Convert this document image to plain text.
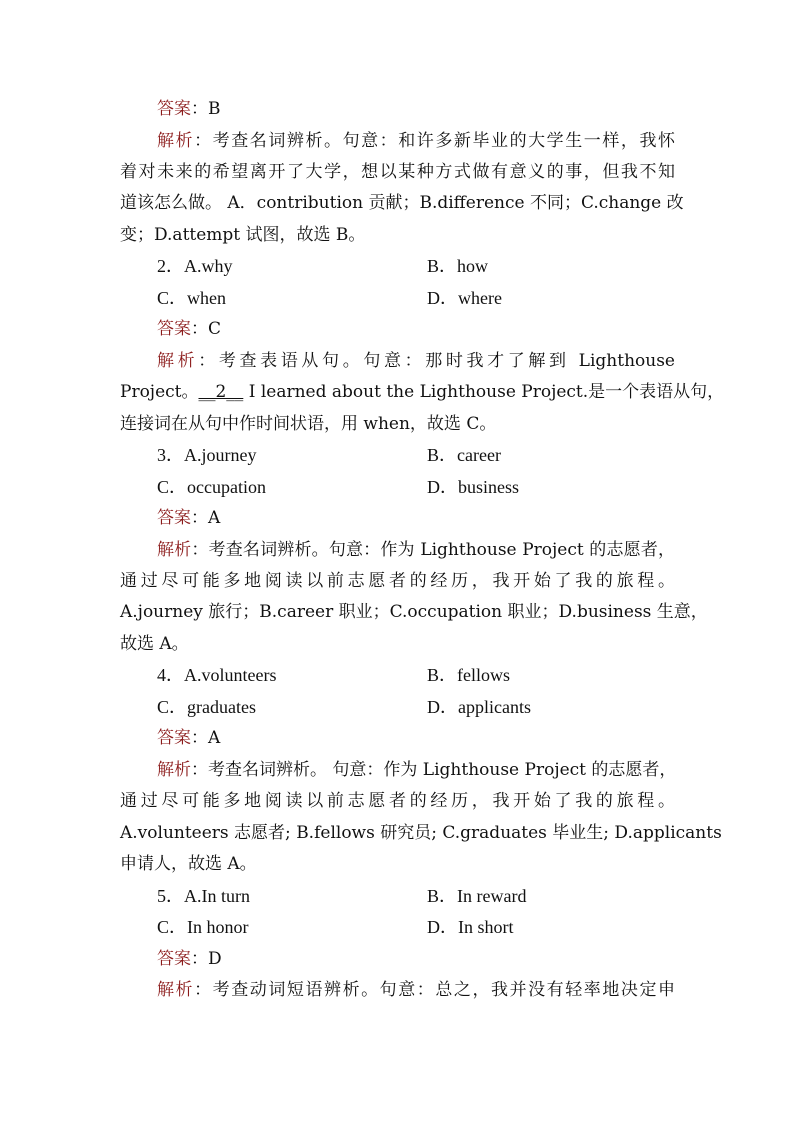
答案：B
解析：考查名词辨析。句意：和许多新毕业的大学生一样，我怀
着对未来的希望离开了大学，想以某种方式做有意义的事，但我不知
道该怎么做。 A．contribution 贡献；B.difference 不同；C.change 改
变；D.attempt 试图，故选 B。
2．A.why	B．how
C．when	D．where
答案：C
解析：考查表语从句。句意：那时我才了解到 Lighthouse
Project。__2__ I learned about the Lighthouse Project.是一个表语从句，
连接词在从句中作时间状语，用 when，故选 C。
3．A.journey	B．career
C．occupation	D．business
答案：A
解析：考查名词辨析。句意：作为 Lighthouse Project 的志愿者，
通过尽可能多地阅读以前志愿者的经历，我开始了我的旅程。
A.journey 旅行；B.career 职业；C.occupation 职业；D.business 生意，
故选 A。
4．A.volunteers	B．fellows
C．graduates	D．applicants
答案：A
解析：考查名词辨析。 句意：作为 Lighthouse Project 的志愿者，
通过尽可能多地阅读以前志愿者的经历，我开始了我的旅程。
A.volunteers 志愿者; B.fellows 研究员; C.graduates 毕业生; D.applicants
申请人，故选 A。
5．A.In turn	B．In reward
C．In honor	D．In short
答案：D
解析：考查动词短语辨析。句意：总之，我并没有轻率地决定申
